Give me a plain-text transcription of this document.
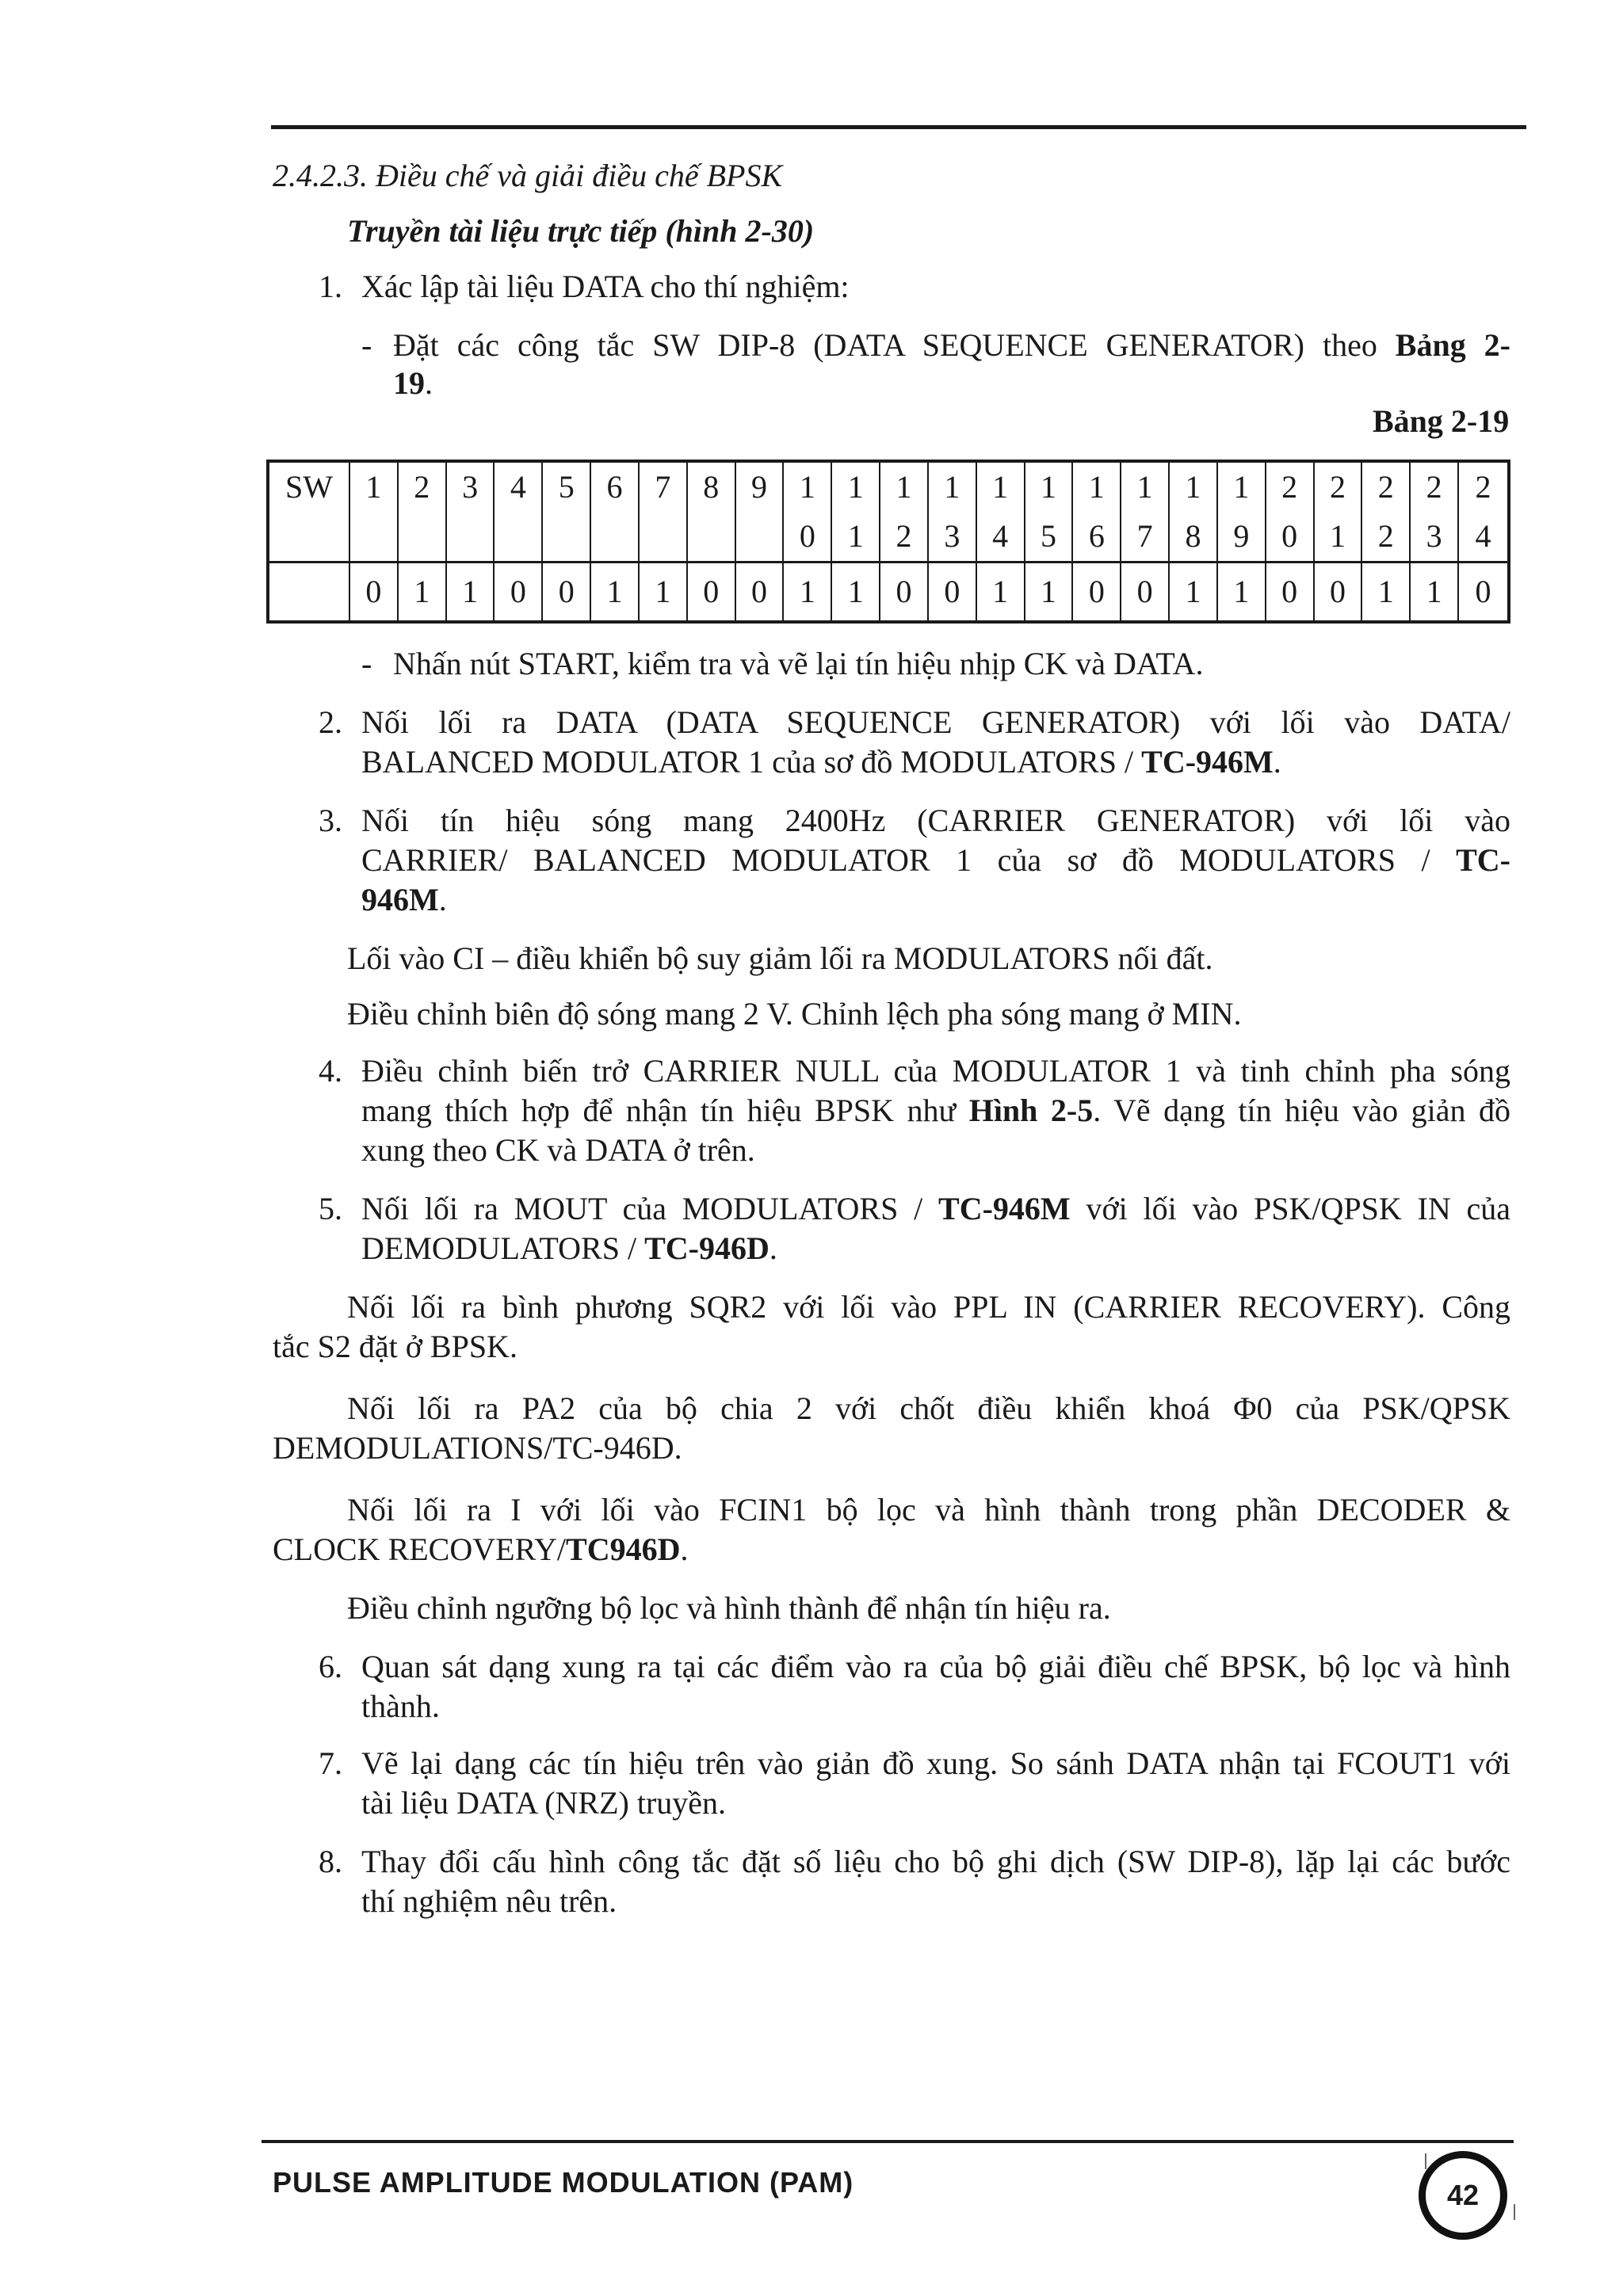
2.4.2.3. Điều chế và giải điều chế BPSK
Truyền tài liệu trực tiếp (hình 2-30)
1. Xác lập tài liệu DATA cho thí nghiệm:
- Đặt các công tắc SW DIP-8 (DATA SEQUENCE GENERATOR) theo Bảng 2-
19.
Bảng 2-19
SW	1	2	3	4	5	6	7	8	9	1	1	1	1	1	1	1	1	1	1	2	2	2	2	2
										0	1	2	3	4	5	6	7	8	9	0	1	2	3	4
	0	1	1	0	0	1	1	0	0	1	1	0	0	1	1	0	0	1	1	0	0	1	1	0
- Nhấn nút START, kiểm tra và vẽ lại tín hiệu nhịp CK và DATA.
2. Nối lối ra DATA (DATA SEQUENCE GENERATOR) với lối vào DATA/
BALANCED MODULATOR 1 của sơ đồ MODULATORS / TC-946M.
3. Nối tín hiệu sóng mang 2400Hz (CARRIER GENERATOR) với lối vào
CARRIER/ BALANCED MODULATOR 1 của sơ đồ MODULATORS / TC-
946M.
Lối vào CI – điều khiển bộ suy giảm lối ra MODULATORS nối đất.
Điều chỉnh biên độ sóng mang 2 V. Chỉnh lệch pha sóng mang ở MIN.
4. Điều chỉnh biến trở CARRIER NULL của MODULATOR 1 và tinh chỉnh pha sóng
mang thích hợp để nhận tín hiệu BPSK như Hình 2-5. Vẽ dạng tín hiệu vào giản đồ
xung theo CK và DATA ở trên.
5. Nối lối ra MOUT của MODULATORS / TC-946M với lối vào PSK/QPSK IN của
DEMODULATORS / TC-946D.
Nối lối ra bình phương SQR2 với lối vào PPL IN (CARRIER RECOVERY). Công
tắc S2 đặt ở BPSK.
Nối lối ra PA2 của bộ chia 2 với chốt điều khiển khoá Φ0 của PSK/QPSK
DEMODULATIONS/TC-946D.
Nối lối ra I với lối vào FCIN1 bộ lọc và hình thành trong phần DECODER &
CLOCK RECOVERY/TC946D.
Điều chỉnh ngưỡng bộ lọc và hình thành để nhận tín hiệu ra.
6. Quan sát dạng xung ra tại các điểm vào ra của bộ giải điều chế BPSK, bộ lọc và hình
thành.
7. Vẽ lại dạng các tín hiệu trên vào giản đồ xung. So sánh DATA nhận tại FCOUT1 với
tài liệu DATA (NRZ) truyền.
8. Thay đổi cấu hình công tắc đặt số liệu cho bộ ghi dịch (SW DIP-8), lặp lại các bước
thí nghiệm nêu trên.
PULSE AMPLITUDE MODULATION (PAM)	42
